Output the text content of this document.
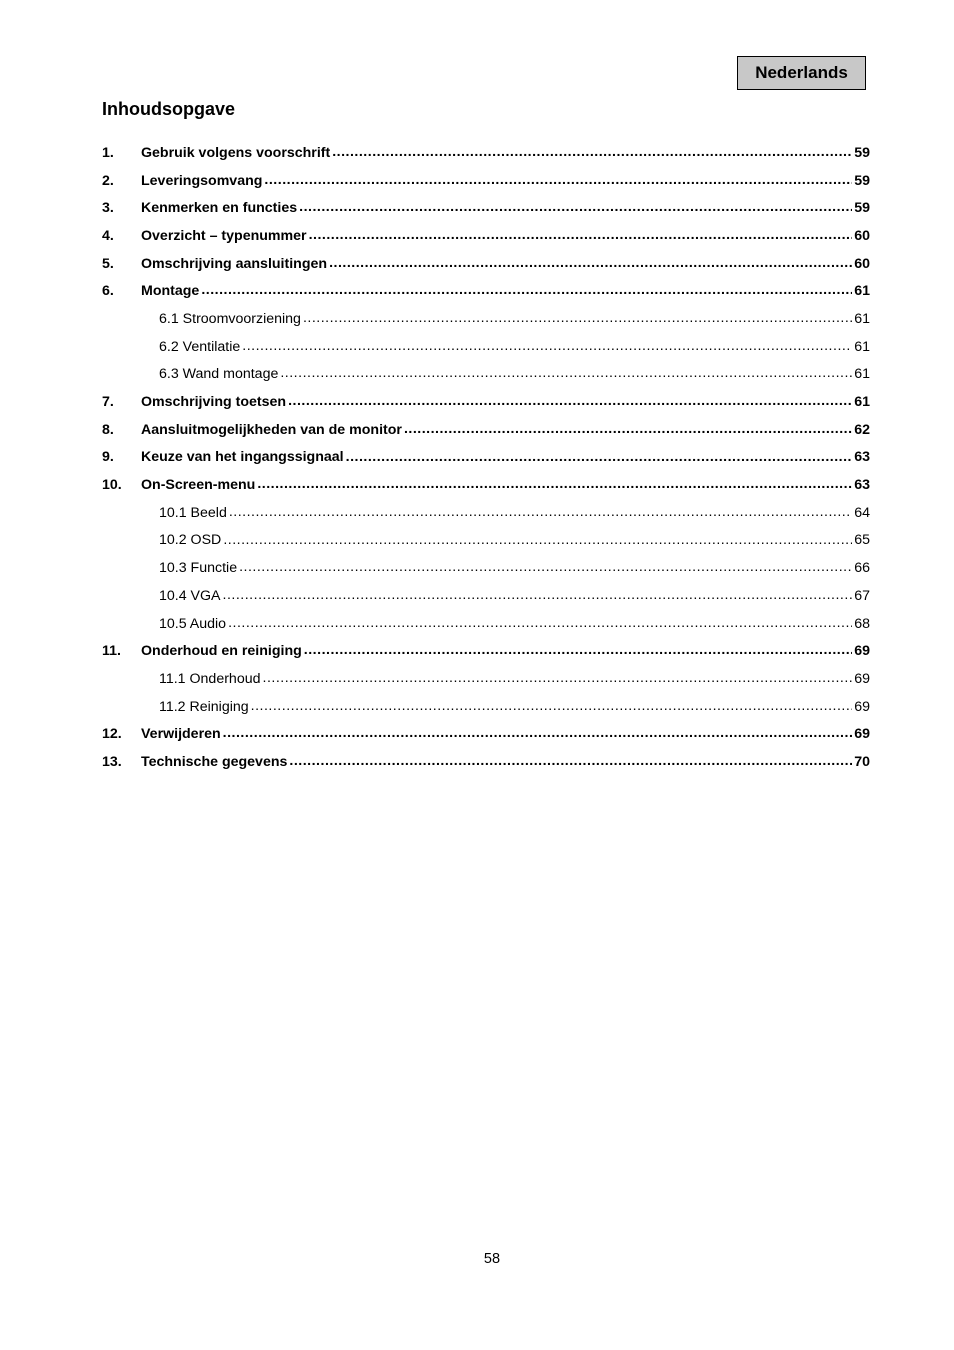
Nederlands
Inhoudsopgave
1.	Gebruik volgens voorschrift .....	59
2.	Leveringsomvang .....	59
3.	Kenmerken en functies .....	59
4.	Overzicht – typenummer .....	60
5.	Omschrijving aansluitingen .....	60
6.	Montage .....	61
6.1 Stroomvoorziening .....	61
6.2 Ventilatie .....	61
6.3 Wand montage .....	61
7.	Omschrijving toetsen .....	61
8.	Aansluitmogelijkheden van de monitor .....	62
9.	Keuze van het ingangssignaal .....	63
10.	On-Screen-menu .....	63
10.1 Beeld .....	64
10.2 OSD .....	65
10.3 Functie .....	66
10.4 VGA .....	67
10.5 Audio .....	68
11.	Onderhoud en reiniging .....	69
11.1 Onderhoud .....	69
11.2 Reiniging .....	69
12.	Verwijderen .....	69
13.	Technische gegevens .....	70
58
